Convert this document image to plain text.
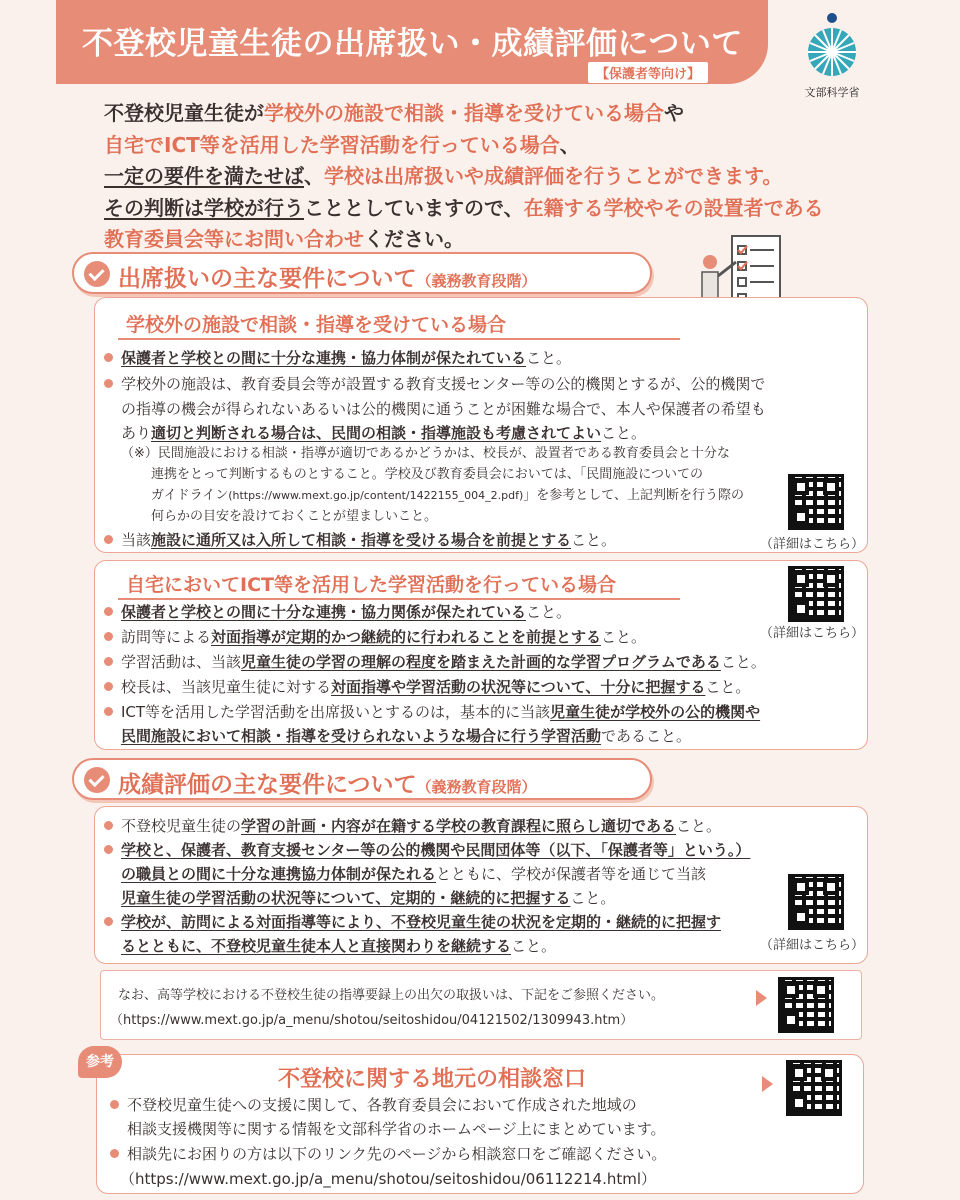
不登校児童生徒の出席扱い・成績評価について
【保護者等向け】
文部科学省
不登校児童生徒が学校外の施設で相談・指導を受けている場合や
自宅でICT等を活用した学習活動を行っている場合、
一定の要件を満たせば、学校は出席扱いや成績評価を行うことができます。
その判断は学校が行うこととしていますので、在籍する学校やその設置者である
教育委員会等にお問い合わせください。
出席扱いの主な要件について（義務教育段階）
学校外の施設で相談・指導を受けている場合
保護者と学校との間に十分な連携・協力体制が保たれていること。
学校外の施設は、教育委員会等が設置する教育支援センター等の公的機関とするが、公的機関で
の指導の機会が得られないあるいは公的機関に通うことが困難な場合で、本人や保護者の希望も
あり適切と判断される場合は、民間の相談・指導施設も考慮されてよいこと。
（※）民間施設における相談・指導が適切であるかどうかは、校長が、設置者である教育委員会と十分な
連携をとって判断するものとすること。学校及び教育委員会においては、「民間施設についての
ガイドライン(https://www.mext.go.jp/content/1422155_004_2.pdf)」を参考として、上記判断を行う際の
何らかの目安を設けておくことが望ましいこと。
当該施設に通所又は入所して相談・指導を受ける場合を前提とすること。	（詳細はこちら）
自宅においてICT等を活用した学習活動を行っている場合
保護者と学校との間に十分な連携・協力関係が保たれていること。
訪問等による対面指導が定期的かつ継続的に行われることを前提とすること。
学習活動は、当該児童生徒の学習の理解の程度を踏まえた計画的な学習プログラムであること。
校長は、当該児童生徒に対する対面指導や学習活動の状況等について、十分に把握すること。
ICT等を活用した学習活動を出席扱いとするのは，基本的に当該児童生徒が学校外の公的機関や
民間施設において相談・指導を受けられないような場合に行う学習活動であること。
（詳細はこちら）
成績評価の主な要件について（義務教育段階）
不登校児童生徒の学習の計画・内容が在籍する学校の教育課程に照らし適切であること。
学校と、保護者、教育支援センター等の公的機関や民間団体等（以下、「保護者等」という。）
の職員との間に十分な連携協力体制が保たれるとともに、学校が保護者等を通じて当該
児童生徒の学習活動の状況等について、定期的・継続的に把握すること。
学校が、訪問による対面指導等により、不登校児童生徒の状況を定期的・継続的に把握す
るとともに、不登校児童生徒本人と直接関わりを継続すること。	（詳細はこちら）
なお、高等学校における不登校生徒の指導要録上の出欠の取扱いは、下記をご参照ください。
（https://www.mext.go.jp/a_menu/shotou/seitoshidou/04121502/1309943.htm）
参考
不登校に関する地元の相談窓口
不登校児童生徒への支援に関して、各教育委員会において作成された地域の
相談支援機関等に関する情報を文部科学省のホームページ上にまとめています。
相談先にお困りの方は以下のリンク先のページから相談窓口をご確認ください。
（https://www.mext.go.jp/a_menu/shotou/seitoshidou/06112214.html）
